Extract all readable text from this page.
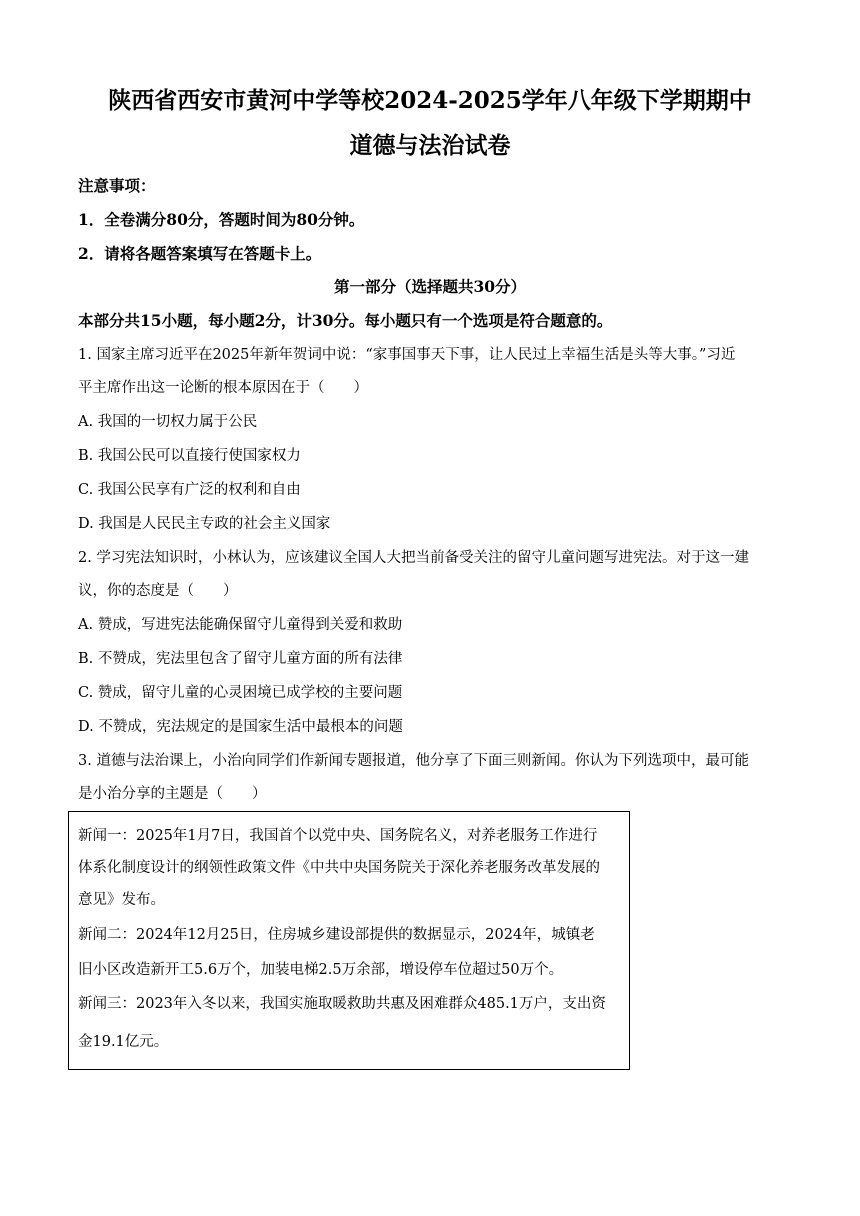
陕西省西安市黄河中学等校2024-2025学年八年级下学期期中
道德与法治试卷

注意事项：

1．全卷满分80分，答题时间为80分钟。

2．请将各题答案填写在答题卡上。

第一部分（选择题共30分）

本部分共15小题，每小题2分，计30分。每小题只有一个选项是符合题意的。

1. 国家主席习近平在2025年新年贺词中说：“家事国事天下事，让人民过上幸福生活是头等大事。”习近

平主席作出这一论断的根本原因在于（　　）

A. 我国的一切权力属于公民

B. 我国公民可以直接行使国家权力

C. 我国公民享有广泛的权利和自由

D. 我国是人民民主专政的社会主义国家

2. 学习宪法知识时，小林认为，应该建议全国人大把当前备受关注的留守儿童问题写进宪法。对于这一建

议，你的态度是（　　）

A. 赞成，写进宪法能确保留守儿童得到关爱和救助

B. 不赞成，宪法里包含了留守儿童方面的所有法律

C. 赞成，留守儿童的心灵困境已成学校的主要问题

D. 不赞成，宪法规定的是国家生活中最根本的问题

3. 道德与法治课上，小治向同学们作新闻专题报道，他分享了下面三则新闻。你认为下列选项中，最可能

是小治分享的主题是（　　）

新闻一：2025年1月7日，我国首个以党中央、国务院名义，对养老服务工作进行

体系化制度设计的纲领性政策文件《中共中央国务院关于深化养老服务改革发展的

意见》发布。

新闻二：2024年12月25日，住房城乡建设部提供的数据显示，2024年，城镇老

旧小区改造新开工5.6万个，加装电梯2.5万余部，增设停车位超过50万个。

新闻三：2023年入冬以来，我国实施取暖救助共惠及困难群众485.1万户，支出资

金19.1亿元。
